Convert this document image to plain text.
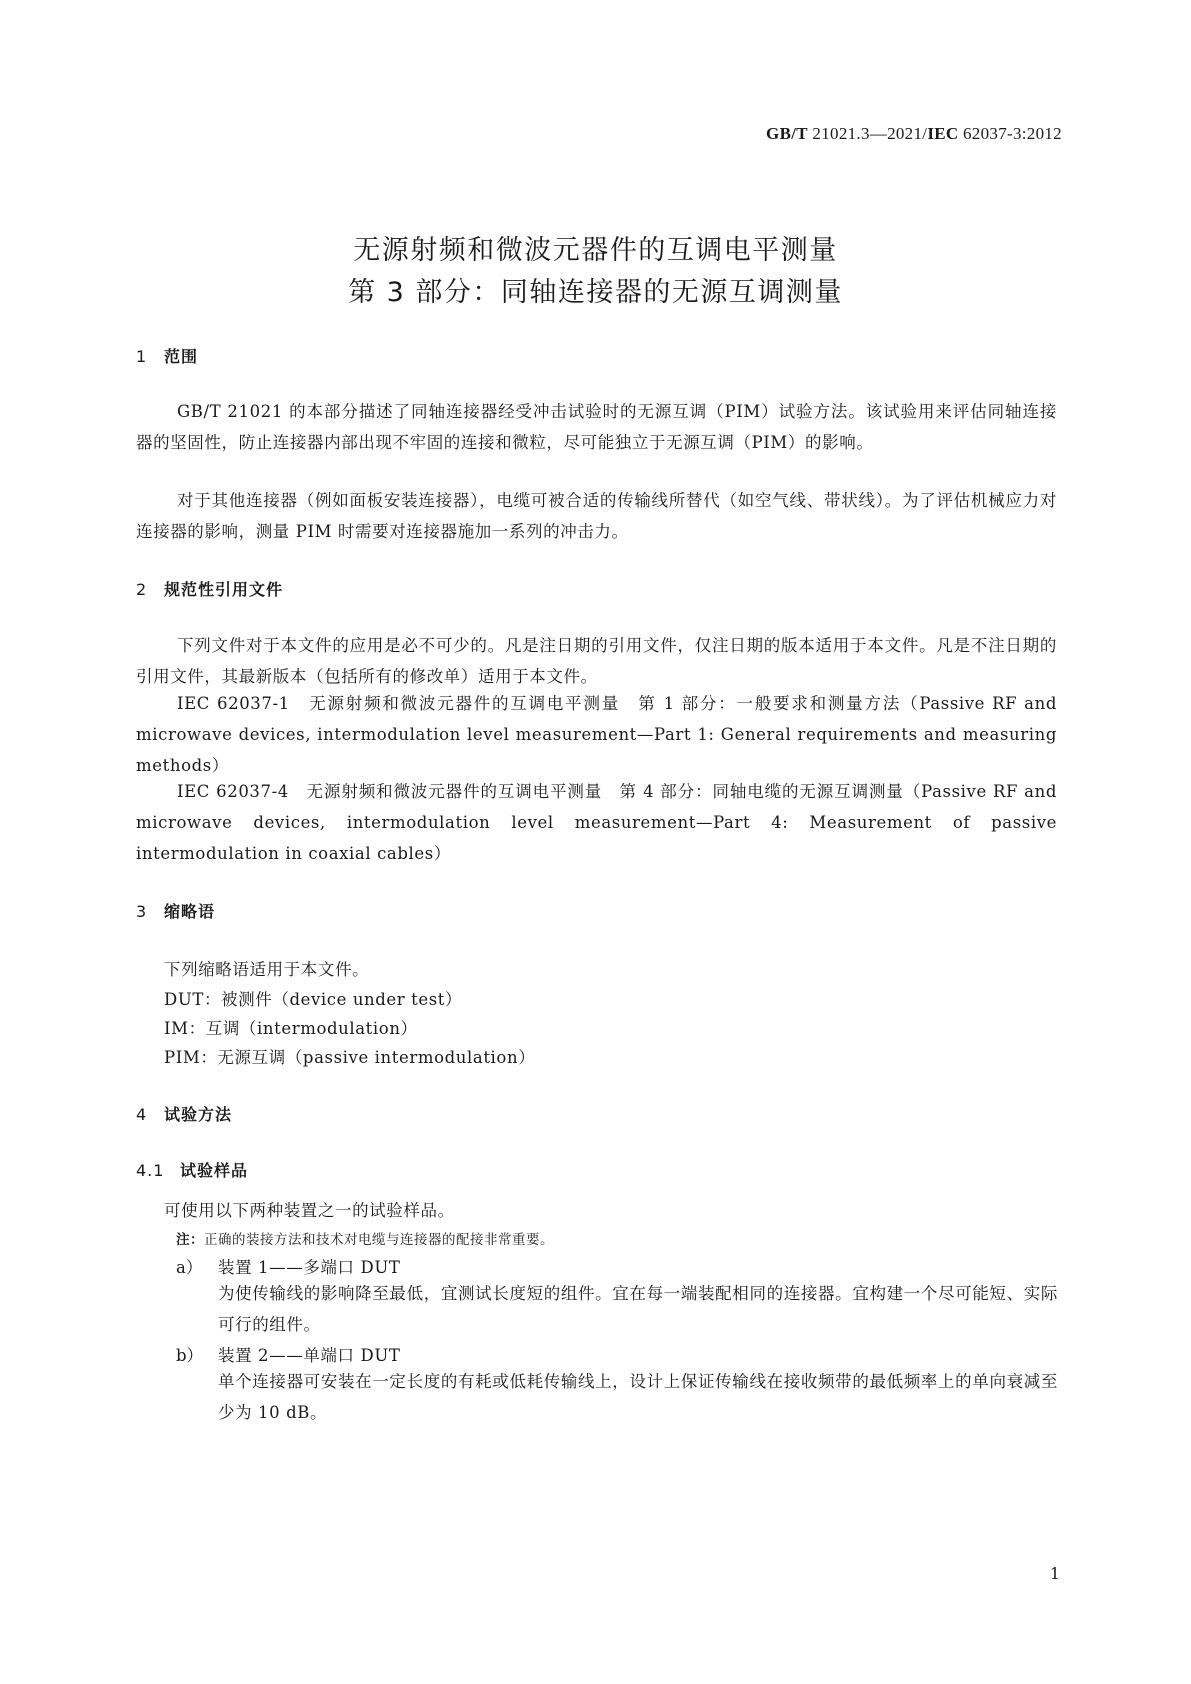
GB/T 21021.3—2021/IEC 62037-3:2012
无源射频和微波元器件的互调电平测量
第 3 部分：同轴连接器的无源互调测量
1 范围
GB/T 21021 的本部分描述了同轴连接器经受冲击试验时的无源互调（PIM）试验方法。该试验用来评估同轴连接器的坚固性，防止连接器内部出现不牢固的连接和微粒，尽可能独立于无源互调（PIM）的影响。
对于其他连接器（例如面板安装连接器），电缆可被合适的传输线所替代（如空气线、带状线）。为了评估机械应力对连接器的影响，测量 PIM 时需要对连接器施加一系列的冲击力。
2 规范性引用文件
下列文件对于本文件的应用是必不可少的。凡是注日期的引用文件，仅注日期的版本适用于本文件。凡是不注日期的引用文件，其最新版本（包括所有的修改单）适用于本文件。
IEC 62037-1　无源射频和微波元器件的互调电平测量　第 1 部分：一般要求和测量方法（Passive RF and microwave devices, intermodulation level measurement—Part 1: General requirements and measuring methods）
IEC 62037-4　无源射频和微波元器件的互调电平测量　第 4 部分：同轴电缆的无源互调测量（Passive RF and microwave devices, intermodulation level measurement—Part 4: Measurement of passive intermodulation in coaxial cables）
3 缩略语
下列缩略语适用于本文件。
DUT：被测件（device under test）
IM：互调（intermodulation）
PIM：无源互调（passive intermodulation）
4 试验方法
4.1 试验样品
可使用以下两种装置之一的试验样品。
注：正确的装接方法和技术对电缆与连接器的配接非常重要。
a） 装置 1——多端口 DUT
为使传输线的影响降至最低，宜测试长度短的组件。宜在每一端装配相同的连接器。宜构建一个尽可能短、实际可行的组件。
b） 装置 2——单端口 DUT
单个连接器可安装在一定长度的有耗或低耗传输线上，设计上保证传输线在接收频带的最低频率上的单向衰减至少为 10 dB。
1
